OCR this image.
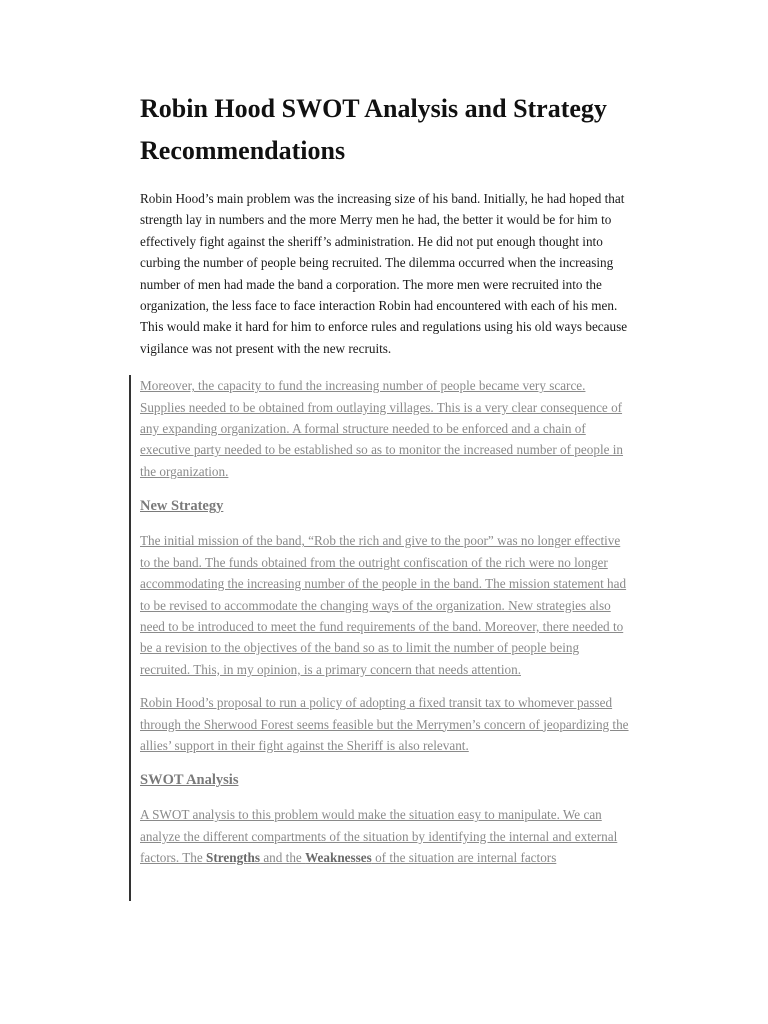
Robin Hood SWOT Analysis and Strategy Recommendations

Robin Hood’s main problem was the increasing size of his band. Initially, he had hoped that strength lay in numbers and the more Merry men he had, the better it would be for him to effectively fight against the sheriff’s administration. He did not put enough thought into curbing the number of people being recruited. The dilemma occurred when the increasing number of men had made the band a corporation. The more men were recruited into the organization, the less face to face interaction Robin had encountered with each of his men. This would make it hard for him to enforce rules and regulations using his old ways because vigilance was not present with the new recruits.

Moreover, the capacity to fund the increasing number of people became very scarce. Supplies needed to be obtained from outlaying villages. This is a very clear consequence of any expanding organization. A formal structure needed to be enforced and a chain of executive party needed to be established so as to monitor the increased number of people in the organization.

New Strategy

The initial mission of the band, “Rob the rich and give to the poor” was no longer effective to the band. The funds obtained from the outright confiscation of the rich were no longer accommodating the increasing number of the people in the band. The mission statement had to be revised to accommodate the changing ways of the organization. New strategies also need to be introduced to meet the fund requirements of the band. Moreover, there needed to be a revision to the objectives of the band so as to limit the number of people being recruited. This, in my opinion, is a primary concern that needs attention.

Robin Hood’s proposal to run a policy of adopting a fixed transit tax to whomever passed through the Sherwood Forest seems feasible but the Merrymen’s concern of jeopardizing the allies’ support in their fight against the Sheriff is also relevant.

SWOT Analysis

A SWOT analysis to this problem would make the situation easy to manipulate. We can analyze the different compartments of the situation by identifying the internal and external factors. The Strengths and the Weaknesses of the situation are internal factors
